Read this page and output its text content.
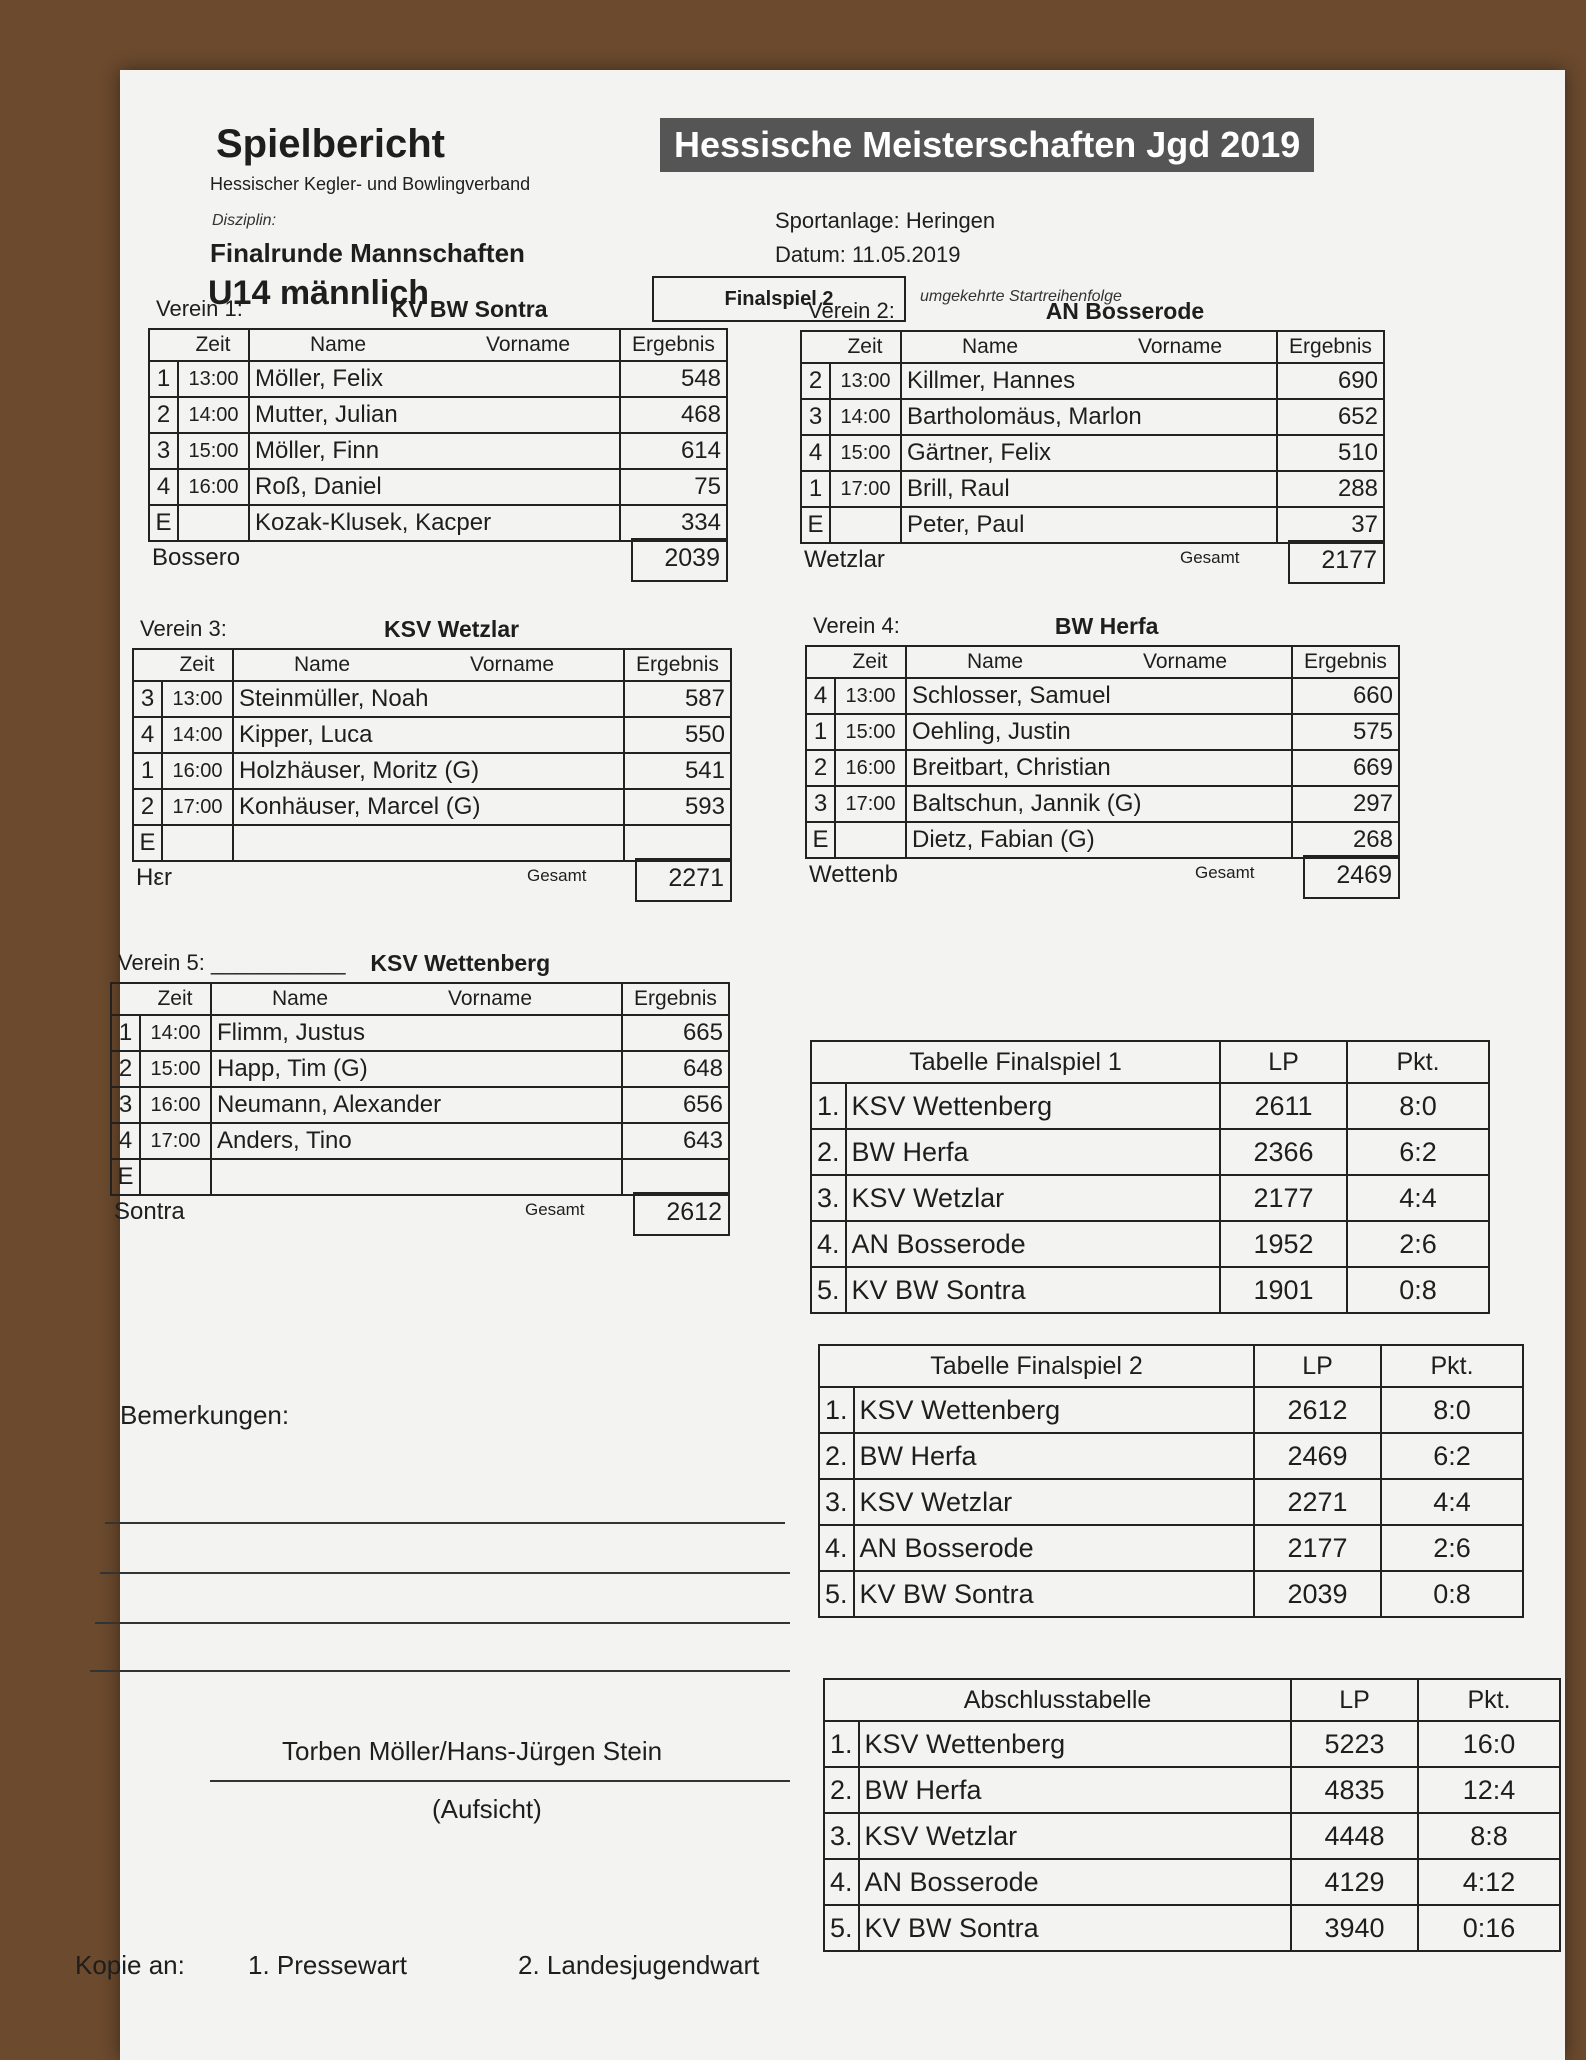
Spielbericht
Hessischer Kegler- und Bowlingverband
Hessische Meisterschaften Jgd 2019
Disziplin:
Finalrunde Mannschaften
U14 männlich
Sportanlage: Heringen
Datum: 11.05.2019
Finalspiel 2	umgekehrte Startreihenfolge
Verein 1:	KV BW Sontra
	Zeit	Name Vorname	Ergebnis
1	13:00	Möller, Felix	548
2	14:00	Mutter, Julian	468
3	15:00	Möller, Finn	614
4	16:00	Roß, Daniel	75
E		Kozak-Klusek, Kacper	334
Bossero	2039
Verein 2:	AN Bosserode
	Zeit	Name Vorname	Ergebnis
2	13:00	Killmer, Hannes	690
3	14:00	Bartholomäus, Marlon	652
4	15:00	Gärtner, Felix	510
1	17:00	Brill, Raul	288
E		Peter, Paul	37
Wetzlar	Gesamt	2177
Verein 3:	KSV Wetzlar
	Zeit	Name Vorname	Ergebnis
3	13:00	Steinmüller, Noah	587
4	14:00	Kipper, Luca	550
1	16:00	Holzhäuser, Moritz (G)	541
2	17:00	Konhäuser, Marcel (G)	593
E			
Hεr	Gesamt	2271
Verein 4:	BW Herfa
	Zeit	Name Vorname	Ergebnis
4	13:00	Schlosser, Samuel	660
1	15:00	Oehling, Justin	575
2	16:00	Breitbart, Christian	669
3	17:00	Baltschun, Jannik (G)	297
E		Dietz, Fabian (G)	268
Wettenb	Gesamt	2469
Verein 5: ___________ KSV Wettenberg
	Zeit	Name Vorname	Ergebnis
1	14:00	Flimm, Justus	665
2	15:00	Happ, Tim (G)	648
3	16:00	Neumann, Alexander	656
4	17:00	Anders, Tino	643
E			
Sontra	Gesamt	2612
Tabelle Finalspiel 1		LP	Pkt.
1.	KSV Wettenberg	2611	8:0
2.	BW Herfa	2366	6:2
3.	KSV Wetzlar	2177	4:4
4.	AN Bosserode	1952	2:6
5.	KV BW Sontra	1901	0:8
Tabelle Finalspiel 2		LP	Pkt.
1.	KSV Wettenberg	2612	8:0
2.	BW Herfa	2469	6:2
3.	KSV Wetzlar	2271	4:4
4.	AN Bosserode	2177	2:6
5.	KV BW Sontra	2039	0:8
Abschlusstabelle		LP	Pkt.
1.	KSV Wettenberg	5223	16:0
2.	BW Herfa	4835	12:4
3.	KSV Wetzlar	4448	8:8
4.	AN Bosserode	4129	4:12
5.	KV BW Sontra	3940	0:16
Bemerkungen:
Torben Möller/Hans-Jürgen Stein
(Aufsicht)
Kopie an: 1. Pressewart	2. Landesjugendwart
